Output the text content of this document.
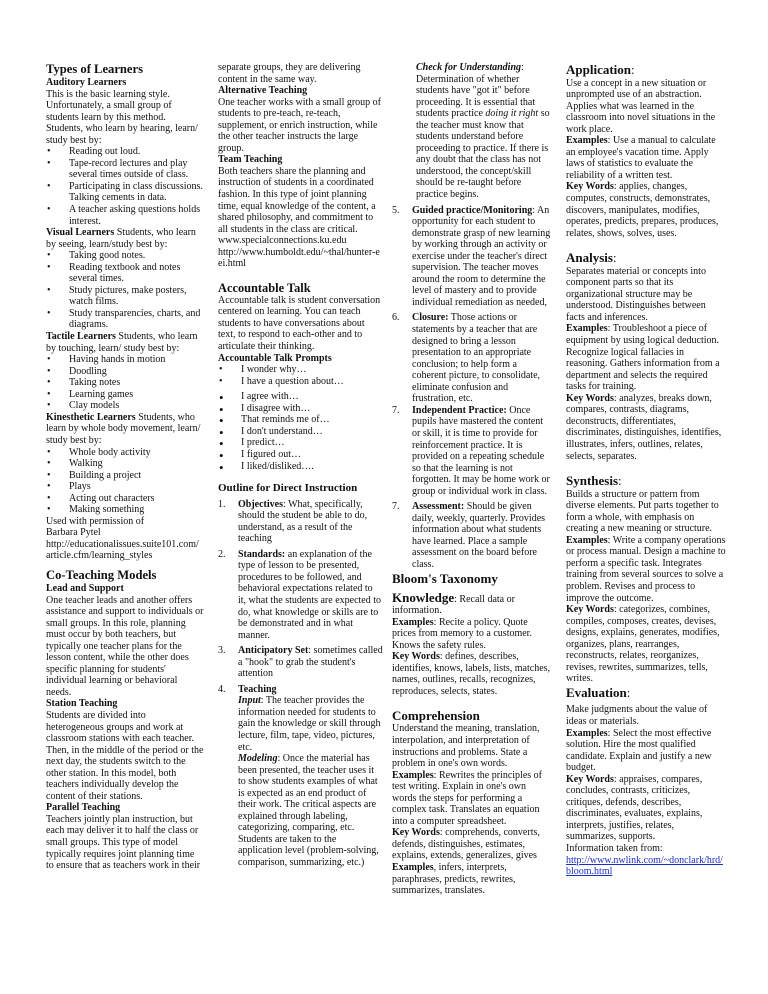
Types of Learners

Auditory Learners

This is the basic learning style. Unfortunately, a small group of students learn by this method. Students, who learn by hearing, learn/ study best by:

• Reading out loud.
• Tape-record lectures and play several times outside of class.
• Participating in class discussions. Talking cements in data.
• A teacher asking questions holds interest.

Visual Learners Students, who learn by seeing, learn/study best by:

• Taking good notes.
• Reading textbook and notes several times.
• Study pictures, make posters, watch films.
• Study transparencies, charts, and diagrams.

Tactile Learners Students, who learn by touching, learn/ study best by:

• Having hands in motion
• Doodling
• Taking notes
• Learning games
• Clay models

Kinesthetic Learners Students, who learn by whole body movement, learn/ study best by:

• Whole body activity
• Walking
• Building a project
• Plays
• Acting out characters
• Making something

Used with permission of

Barbara Pytel

http://educationalissues.suite101.com/ article.cfm/learning_styles

Co-Teaching Models

Lead and Support

One teacher leads and another offers assistance and support to individuals or small groups. In this role, planning must occur by both teachers, but typically one teacher plans for the lesson content, while the other does specific planning for students' individual learning or behavioral needs.

Station Teaching

Students are divided into heterogeneous groups and work at classroom stations with each teacher. Then, in the middle of the period or the next day, the students switch to the other station. In this model, both teachers individually develop the content of their stations.

Parallel Teaching

Teachers jointly plan instruction, but each may deliver it to half the class or small groups. This type of model typically requires joint planning time to ensure that as teachers work in their

separate groups, they are delivering content in the same way.

Alternative Teaching

One teacher works with a small group of students to pre-teach, re-teach, supplement, or enrich instruction, while the other teacher instructs the large group.

Team Teaching

Both teachers share the planning and instruction of students in a coordinated fashion. In this type of joint planning time, equal knowledge of the content, a shared philosophy, and commitment to all students in the class are critical.

www.specialconnections.ku.edu

http://www.humboldt.edu/~thal/hunter-eei.html

Accountable Talk

Accountable talk is student conversation centered on learning. You can teach students to have conversations about text, to respond to each-other and to articulate their thinking.

Accountable Talk Prompts

• I wonder why…
• I have a question about…
• I agree with…
• I disagree with…
• That reminds me of…
• I don't understand…
• I predict…
• I figured out…
• I liked/disliked….

Outline for Direct Instruction

1. Objectives: What, specifically, should the student be able to do, understand, as a result of the teaching
2. Standards: an explanation of the type of lesson to be presented, procedures to be followed, and behavioral expectations related to it, what the students are expected to do, what knowledge or skills are to be demonstrated and in what manner.
3. Anticipatory Set: sometimes called a "hook" to grab the student's attention
4. Teaching

Input: The teacher provides the information needed for students to gain the knowledge or skill through lecture, film, tape, video, pictures, etc.

Modeling: Once the material has been presented, the teacher uses it to show students examples of what is expected as an end product of their work. The critical aspects are explained through labeling, categorizing, comparing, etc. Students are taken to the application level (problem-solving, comparison, summarizing, etc.)

Check for Understanding: Determination of whether students have "got it" before proceeding. It is essential that students practice doing it right so the teacher must know that students understand before proceeding to practice. If there is any doubt that the class has not understood, the concept/skill should be re-taught before practice begins.

5. Guided practice/Monitoring: An opportunity for each student to demonstrate grasp of new learning by working through an activity or exercise under the teacher's direct supervision. The teacher moves around the room to determine the level of mastery and to provide individual remediation as needed,
6. Closure: Those actions or statements by a teacher that are designed to bring a lesson presentation to an appropriate conclusion; to help form a coherent picture, to consolidate, eliminate confusion and frustration, etc.
7. Independent Practice: Once pupils have mastered the content or skill, it is time to provide for reinforcement practice. It is provided on a repeating schedule so that the learning is not forgotten. It may be home work or group or individual work in class.
7. Assessment: Should be given daily, weekly, quarterly. Provides information about what students have learned. Place a sample assessment on the board before class.

Bloom's Taxonomy

Knowledge: Recall data or information.

Examples: Recite a policy. Quote prices from memory to a customer. Knows the safety rules.

Key Words: defines, describes, identifies, knows, labels, lists, matches, names, outlines, recalls, recognizes, reproduces, selects, states.

Comprehension

Understand the meaning, translation, interpolation, and interpretation of instructions and problems. State a problem in one's own words.

Examples: Rewrites the principles of test writing. Explain in one's own words the steps for performing a complex task. Translates an equation into a computer spreadsheet.

Key Words: comprehends, converts, defends, distinguishes, estimates, explains, extends, generalizes, gives Examples, infers, interprets, paraphrases, predicts, rewrites, summarizes, translates.

Application:

Use a concept in a new situation or unprompted use of an abstraction. Applies what was learned in the classroom into novel situations in the work place.

Examples: Use a manual to calculate an employee's vacation time. Apply laws of statistics to evaluate the reliability of a written test.

Key Words: applies, changes, computes, constructs, demonstrates, discovers, manipulates, modifies, operates, predicts, prepares, produces, relates, shows, solves, uses.

Analysis:

Separates material or concepts into component parts so that its organizational structure may be understood. Distinguishes between facts and inferences.

Examples: Troubleshoot a piece of equipment by using logical deduction. Recognize logical fallacies in reasoning. Gathers information from a department and selects the required tasks for training.

Key Words: analyzes, breaks down, compares, contrasts, diagrams, deconstructs, differentiates, discriminates, distinguishes, identifies, illustrates, infers, outlines, relates, selects, separates.

Synthesis:

Builds a structure or pattern from diverse elements. Put parts together to form a whole, with emphasis on creating a new meaning or structure.

Examples: Write a company operations or process manual. Design a machine to perform a specific task. Integrates training from several sources to solve a problem. Revises and process to improve the outcome.

Key Words: categorizes, combines, compiles, composes, creates, devises, designs, explains, generates, modifies, organizes, plans, rearranges, reconstructs, relates, reorganizes, revises, rewrites, summarizes, tells, writes.

Evaluation:

Make judgments about the value of ideas or materials.

Examples: Select the most effective solution. Hire the most qualified candidate. Explain and justify a new budget.

Key Words: appraises, compares, concludes, contrasts, criticizes, critiques, defends, describes, discriminates, evaluates, explains, interprets, justifies, relates, summarizes, supports.

Information taken from:

http://www.nwlink.com/~donclark/hrd/bloom.html
